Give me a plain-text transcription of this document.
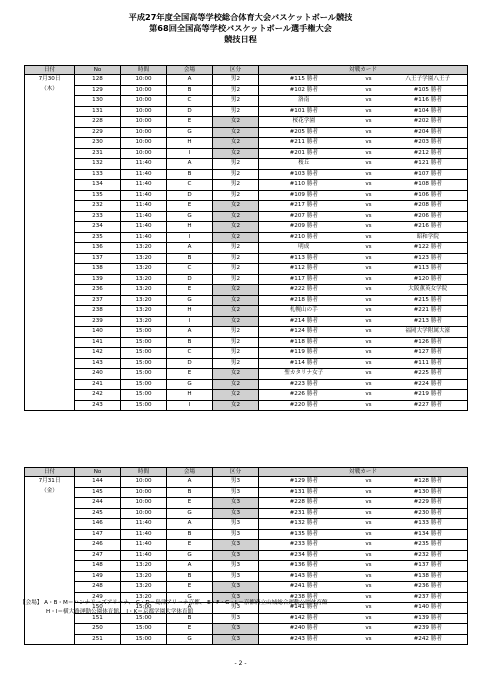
平成27年度全国高等学校総合体育大会バスケットボール競技
第68回全国高等学校バスケットボール選手権大会
競技日程
日付	No	時間	会場	区分	対戦カード		
7月30日	128	10:00	A	男2	#115 勝者	vs	八王子学園八王子
（木）	129	10:00	B	男2	#102 勝者	vs	#105 勝者
	130	10:00	C	男2	洛南	vs	#116 勝者
	131	10:00	D	男2	#101 勝者	vs	#104 勝者
	228	10:00	E	女2	桜花学園	vs	#202 勝者
	229	10:00	G	女2	#205 勝者	vs	#204 勝者
	230	10:00	H	女2	#211 勝者	vs	#203 勝者
	231	10:00	I	女2	#201 勝者	vs	#212 勝者
	132	11:40	A	男2	桜丘	vs	#121 勝者
	133	11:40	B	男2	#103 勝者	vs	#107 勝者
	134	11:40	C	男2	#110 勝者	vs	#108 勝者
	135	11:40	D	男2	#109 勝者	vs	#106 勝者
	232	11:40	E	女2	#217 勝者	vs	#208 勝者
	233	11:40	G	女2	#207 勝者	vs	#206 勝者
	234	11:40	H	女2	#209 勝者	vs	#216 勝者
	235	11:40	I	女2	#210 勝者	vs	昭和学院
	136	13:20	A	男2	明成	vs	#122 勝者
	137	13:20	B	男2	#113 勝者	vs	#123 勝者
	138	13:20	C	男2	#112 勝者	vs	#113 勝者
	139	13:20	D	男2	#117 勝者	vs	#120 勝者
	236	13:20	E	女2	#222 勝者	vs	大阪薫英女学院
	237	13:20	G	女2	#218 勝者	vs	#215 勝者
	238	13:20	H	女2	札幌山の手	vs	#221 勝者
	239	13:20	I	女2	#214 勝者	vs	#213 勝者
	140	15:00	A	男2	#124 勝者	vs	福岡大学附属大濠
	141	15:00	B	男2	#118 勝者	vs	#126 勝者
	142	15:00	C	男2	#119 勝者	vs	#127 勝者
	143	15:00	D	男2	#114 勝者	vs	#111 勝者
	240	15:00	E	女2	聖カタリナ女子	vs	#225 勝者
	241	15:00	G	女2	#223 勝者	vs	#224 勝者
	242	15:00	H	女2	#226 勝者	vs	#219 勝者
	243	15:00	I	女2	#220 勝者	vs	#227 勝者
日付	No	時間	会場	区分	対戦カード		
7月31日	144	10:00	A	男3	#129 勝者	vs	#128 勝者
（金）	145	10:00	B	男3	#131 勝者	vs	#130 勝者
	244	10:00	E	女3	#228 勝者	vs	#229 勝者
	245	10:00	G	女3	#231 勝者	vs	#230 勝者
	146	11:40	A	男3	#132 勝者	vs	#133 勝者
	147	11:40	B	男3	#135 勝者	vs	#134 勝者
	246	11:40	E	女3	#233 勝者	vs	#235 勝者
	247	11:40	G	女3	#234 勝者	vs	#232 勝者
	148	13:20	A	男3	#136 勝者	vs	#137 勝者
	149	13:20	B	男3	#143 勝者	vs	#138 勝者
	248	13:20	E	女3	#241 勝者	vs	#236 勝者
	249	13:20	G	女3	#238 勝者	vs	#237 勝者
	150	15:00	A	男3	#141 勝者	vs	#140 勝者
	151	15:00	B	男3	#142 勝者	vs	#139 勝者
	250	15:00	E	女3	#240 勝者	vs	#239 勝者
	251	15:00	G	女3	#243 勝者	vs	#242 勝者
【会場】 A・B・M＝ハンナリーズアリーナ、 C・D＝島津アリーナ京都、 E・F・G・L＝京都府立山城総合運動公園体育館
H・I＝横大路運動公園体育館、 J・K＝京都学園大学体育館
- 2 -
